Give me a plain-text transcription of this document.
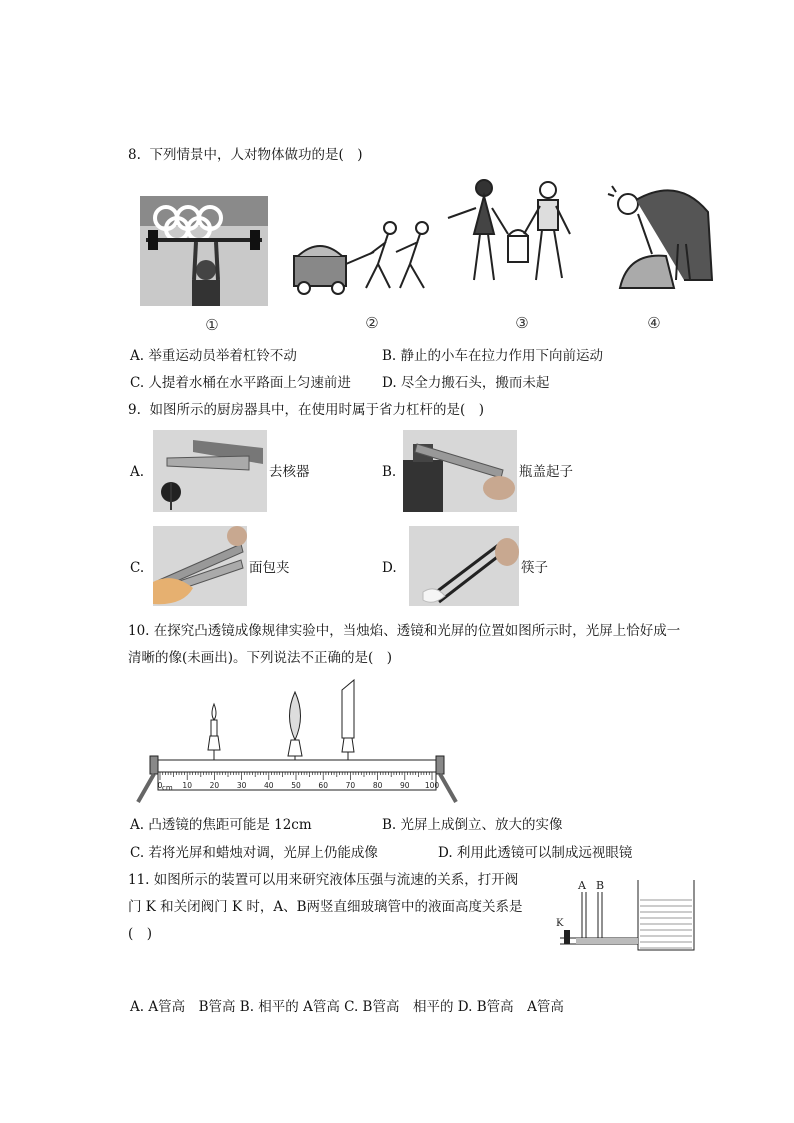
8.  下列情景中，人对物体做功的是(　)
①	②	③	④
A. 举重运动员举着杠铃不动	B. 静止的小车在拉力作用下向前运动
C. 人提着水桶在水平路面上匀速前进 D. 尽全力搬石头，搬而未起
9.  如图所示的厨房器具中，在使用时属于省力杠杆的是(　)
A.	去核器	B.	瓶盖起子
C.	面包夹	D.	筷子
10. 在探究凸透镜成像规律实验中，当烛焰、透镜和光屏的位置如图所示时，光屏上恰好成一
清晰的像(未画出)。下列说法不正确的是(　)
0	10 20 30 40 50 60 70 80 90 100
cm
A. 凸透镜的焦距可能是 12cm	B. 光屏上成倒立、放大的实像
C. 若将光屏和蜡烛对调，光屏上仍能成像	D. 利用此透镜可以制成远视眼镜
11. 如图所示的装置可以用来研究液体压强与流速的关系，打开阀
门 K 和关闭阀门 K 时，A、B两竖直细玻璃管中的液面高度关系是
(　)
A B
K
A. A管高　B管高 B. 相平的 A管高 C. B管高　相平的 D. B管高　A管高
